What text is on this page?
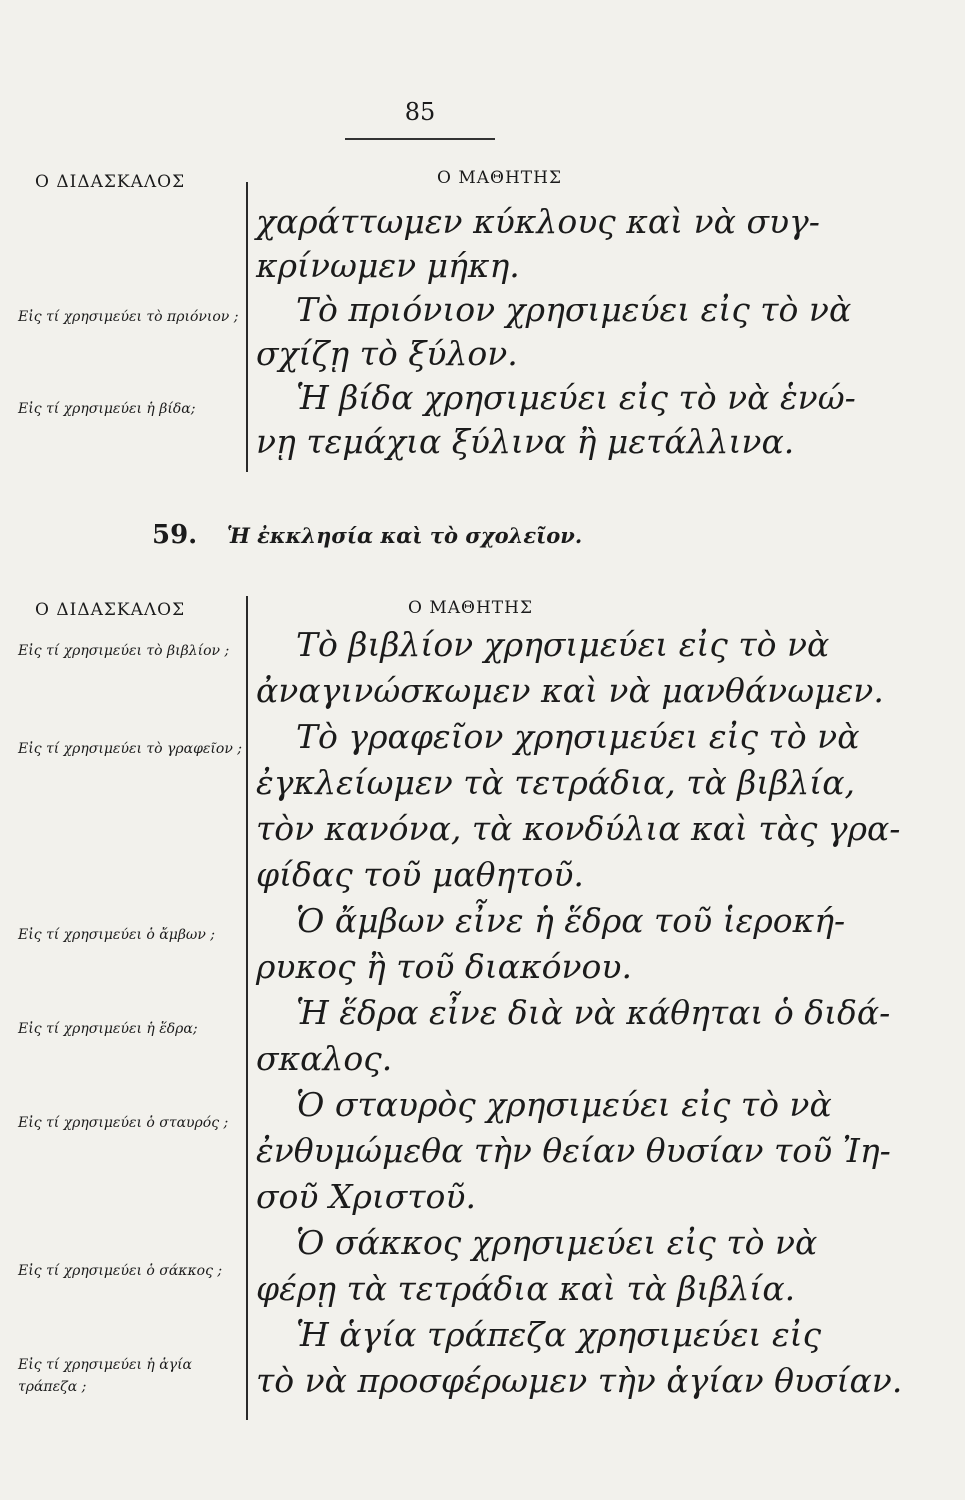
85
Ο ΔΙΔΑΣΚΑΛΟΣ	Ο ΜΑΘΗΤΗΣ
Εἰς τί χρησιμεύει τὸ πριόνιον ;
Εἰς τί χρησιμεύει ἡ βίδα;
χαράττωμεν κύκλους καὶ νὰ συγ-
κρίνωμεν μήκη.
Τὸ πριόνιον χρησιμεύει εἰς τὸ νὰ
σχίζῃ τὸ ξύλον.
Ἡ βίδα χρησιμεύει εἰς τὸ νὰ ἑνώ-
νῃ τεμάχια ξύλινα ἢ μετάλλινα.
59. Ἡ ἐκκλησία καὶ τὸ σχολεῖον.
Ο ΔΙΔΑΣΚΑΛΟΣ	Ο ΜΑΘΗΤΗΣ
Εἰς τί χρησιμεύει τὸ βιβλίον ;
Εἰς τί χρησιμεύει τὸ γραφεῖον ;
Εἰς τί χρησιμεύει ὁ ἄμβων ;
Εἰς τί χρησιμεύει ἡ ἕδρα;
Εἰς τί χρησιμεύει ὁ σταυρός ;
Εἰς τί χρησιμεύει ὁ σάκκος ;
Εἰς τί χρησιμεύει ἡ ἁγία τράπεζα ;
Τὸ βιβλίον χρησιμεύει εἰς τὸ νὰ
ἀναγινώσκωμεν καὶ νὰ μανθάνωμεν.
Τὸ γραφεῖον χρησιμεύει εἰς τὸ νὰ
ἐγκλείωμεν τὰ τετράδια, τὰ βιβλία,
τὸν κανόνα, τὰ κονδύλια καὶ τὰς γρα-
φίδας τοῦ μαθητοῦ.
Ὁ ἄμβων εἶνε ἡ ἕδρα τοῦ ἱεροκή-
ρυκος ἢ τοῦ διακόνου.
Ἡ ἕδρα εἶνε διὰ νὰ κάθηται ὁ διδά-
σκαλος.
Ὁ σταυρὸς χρησιμεύει εἰς τὸ νὰ
ἐνθυμώμεθα τὴν θείαν θυσίαν τοῦ Ἰη-
σοῦ Χριστοῦ.
Ὁ σάκκος χρησιμεύει εἰς τὸ νὰ
φέρῃ τὰ τετράδια καὶ τὰ βιβλία.
Ἡ ἁγία τράπεζα χρησιμεύει εἰς
τὸ νὰ προσφέρωμεν τὴν ἁγίαν θυσίαν.
